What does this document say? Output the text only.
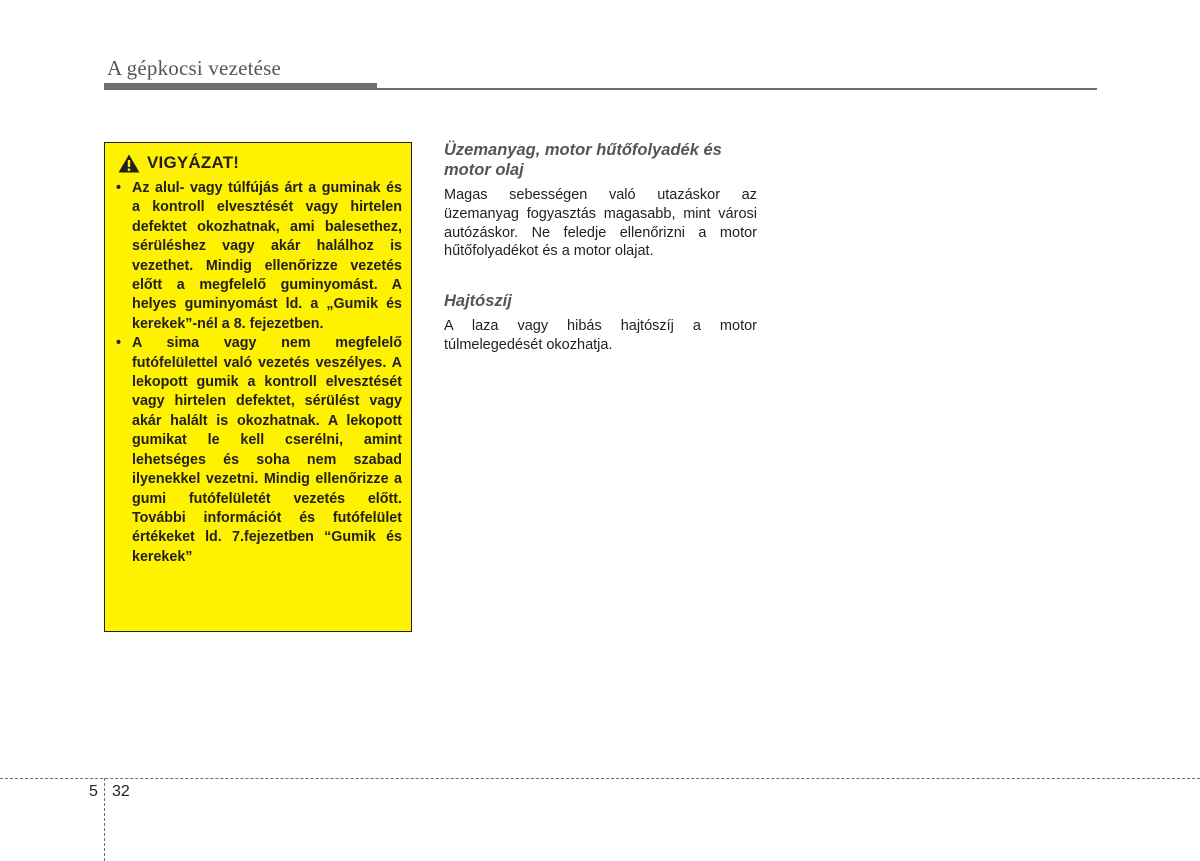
A gépkocsi vezetése
VIGYÁZAT!
• Az alul- vagy túlfújás árt a guminak és a kontroll elvesztését vagy hirtelen defektet okozhatnak, ami balesethez, sérüléshez vagy akár halálhoz is vezethet. Mindig ellenőrizze vezetés előtt a megfelelő guminyomást. A helyes guminyomást ld. a „Gumik és kerekek”-nél a 8. fejezetben.
• A sima vagy nem megfelelő futófelülettel való vezetés veszélyes. A lekopott gumik a kontroll elvesztését vagy hirtelen defektet, sérülést vagy akár halált is okozhatnak. A lekopott gumikat le kell cserélni, amint lehetséges és soha nem szabad ilyenekkel vezetni. Mindig ellenőrizze a gumi futófelületét vezetés előtt. További információt és futófelület értékeket ld. 7.fejezetben “Gumik és kerekek”
Üzemanyag, motor hűtőfolyadék és motor olaj

Magas sebességen való utazáskor az üzemanyag fogyasztás magasabb, mint városi autózáskor. Ne feledje ellenőrizni a motor hűtőfolyadékot és a motor olajat.

Hajtószíj

A laza vagy hibás hajtószíj a motor túlmelegedését okozhatja.

5 32
